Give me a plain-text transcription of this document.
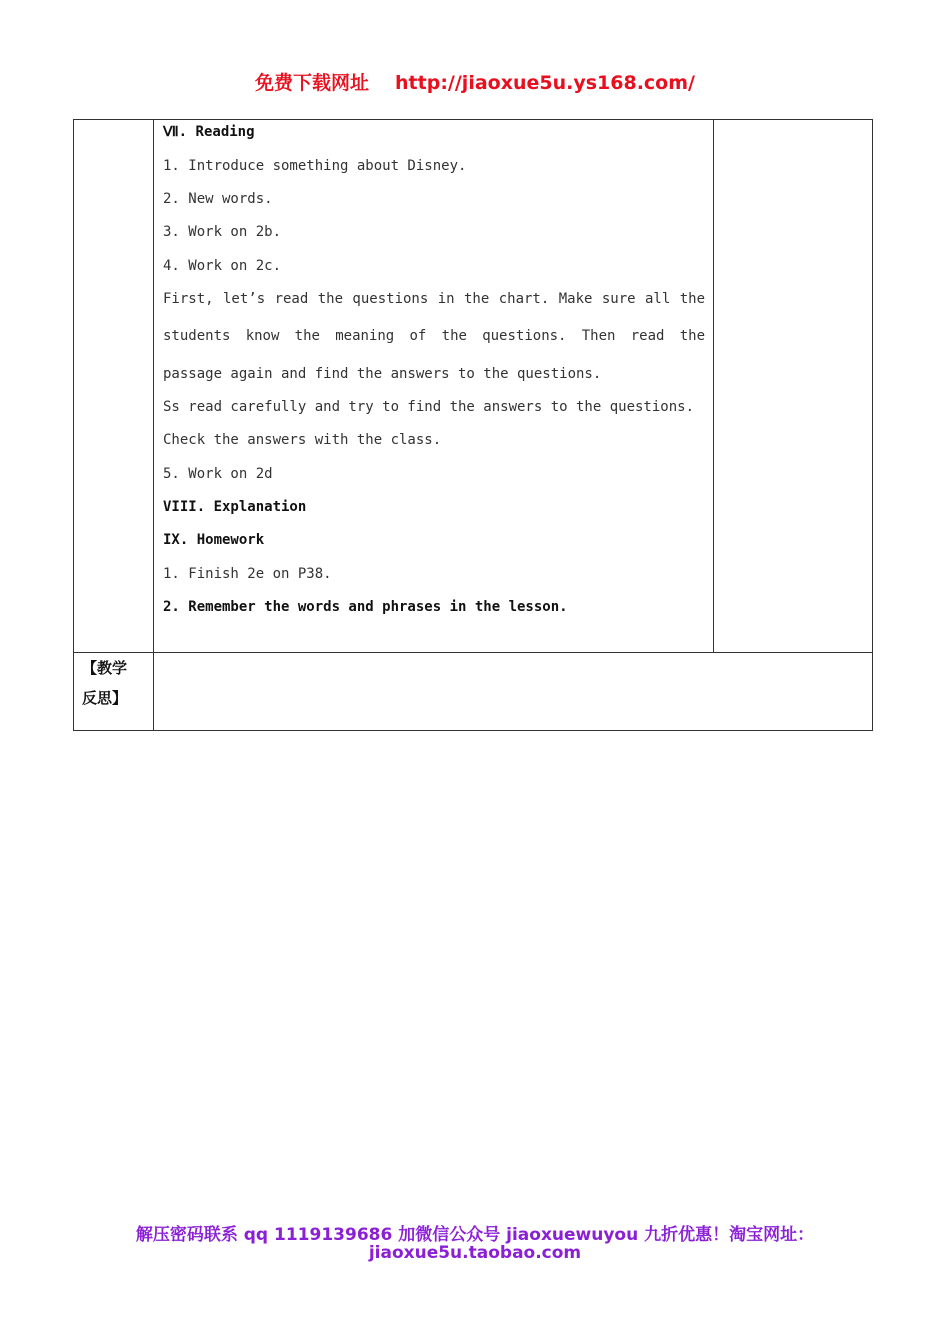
免费下载网址 http://jiaoxue5u.ys168.com/
Ⅶ. Reading
1. Introduce something about Disney.
2. New words.
3. Work on 2b.
4. Work on 2c.
First, let’s read the questions in the chart. Make sure all the
students know the meaning of the questions. Then read the
passage again and find the answers to the questions.
Ss read carefully and try to find the answers to the questions.
Check the answers with the class.
5. Work on 2d
VIII. Explanation
IX. Homework
1. Finish 2e on P38.
2. Remember the words and phrases in the lesson.
【教学
反思】
解压密码联系 qq 1119139686 加微信公众号 jiaoxuewuyou 九折优惠！淘宝网址：
jiaoxue5u.taobao.com
